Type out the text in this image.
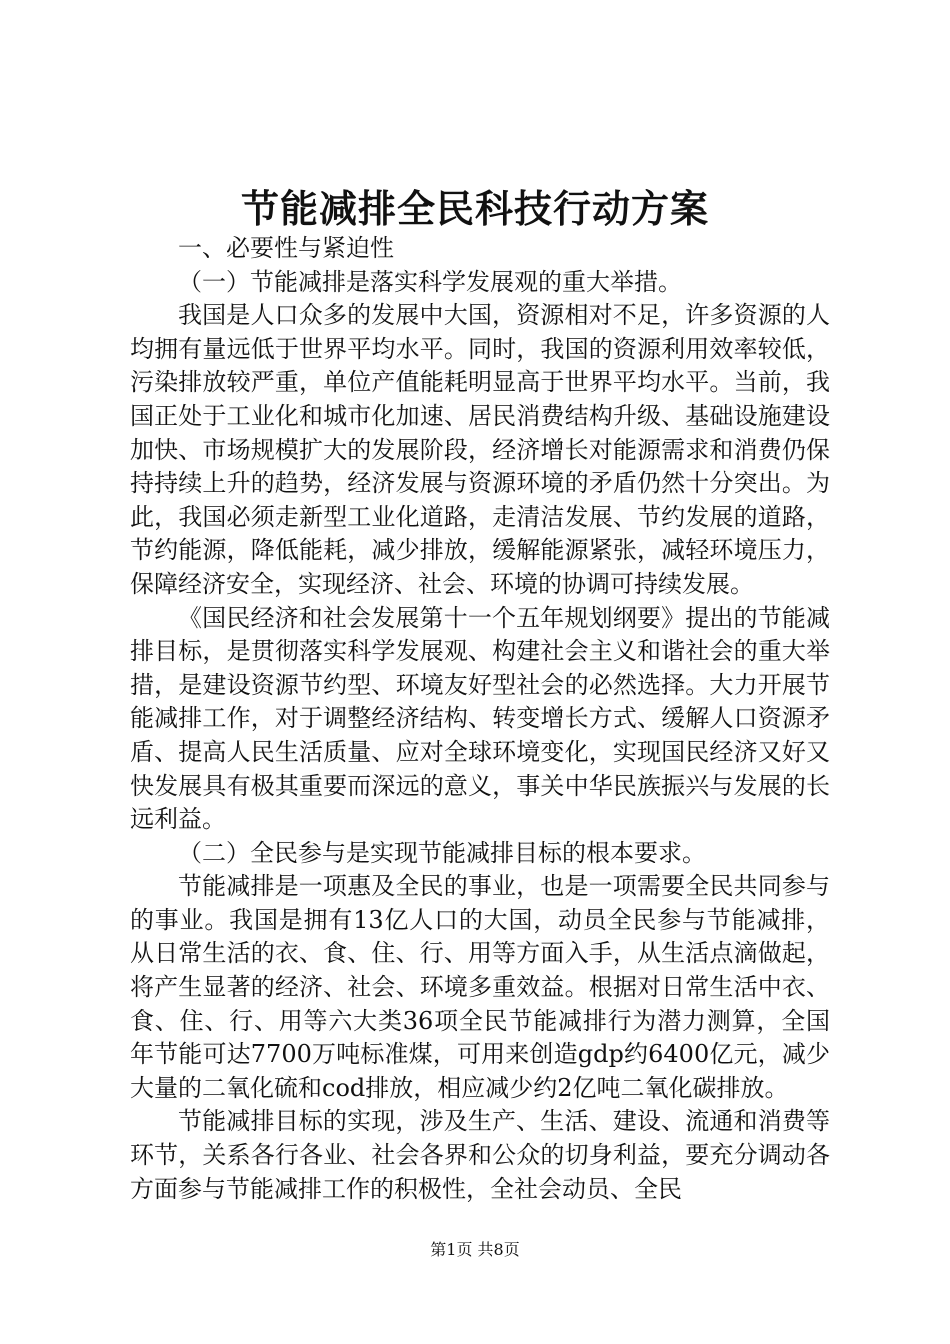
节能减排全民科技行动方案

一、必要性与紧迫性

（一）节能减排是落实科学发展观的重大举措。

我国是人口众多的发展中大国，资源相对不足，许多资源的人均拥有量远低于世界平均水平。同时，我国的资源利用效率较低，污染排放较严重，单位产值能耗明显高于世界平均水平。当前，我国正处于工业化和城市化加速、居民消费结构升级、基础设施建设加快、市场规模扩大的发展阶段，经济增长对能源需求和消费仍保持持续上升的趋势，经济发展与资源环境的矛盾仍然十分突出。为此，我国必须走新型工业化道路，走清洁发展、节约发展的道路，节约能源，降低能耗，减少排放，缓解能源紧张，减轻环境压力，保障经济安全，实现经济、社会、环境的协调可持续发展。

《国民经济和社会发展第十一个五年规划纲要》提出的节能减排目标，是贯彻落实科学发展观、构建社会主义和谐社会的重大举措，是建设资源节约型、环境友好型社会的必然选择。大力开展节能减排工作，对于调整经济结构、转变增长方式、缓解人口资源矛盾、提高人民生活质量、应对全球环境变化，实现国民经济又好又快发展具有极其重要而深远的意义，事关中华民族振兴与发展的长远利益。

（二）全民参与是实现节能减排目标的根本要求。

节能减排是一项惠及全民的事业，也是一项需要全民共同参与的事业。我国是拥有13亿人口的大国，动员全民参与节能减排，从日常生活的衣、食、住、行、用等方面入手，从生活点滴做起，将产生显著的经济、社会、环境多重效益。根据对日常生活中衣、食、住、行、用等六大类36项全民节能减排行为潜力测算，全国年节能可达7700万吨标准煤，可用来创造gdp约6400亿元，减少大量的二氧化硫和cod排放，相应减少约2亿吨二氧化碳排放。

节能减排目标的实现，涉及生产、生活、建设、流通和消费等环节，关系各行各业、社会各界和公众的切身利益，要充分调动各方面参与节能减排工作的积极性，全社会动员、全民

第1页 共8页
